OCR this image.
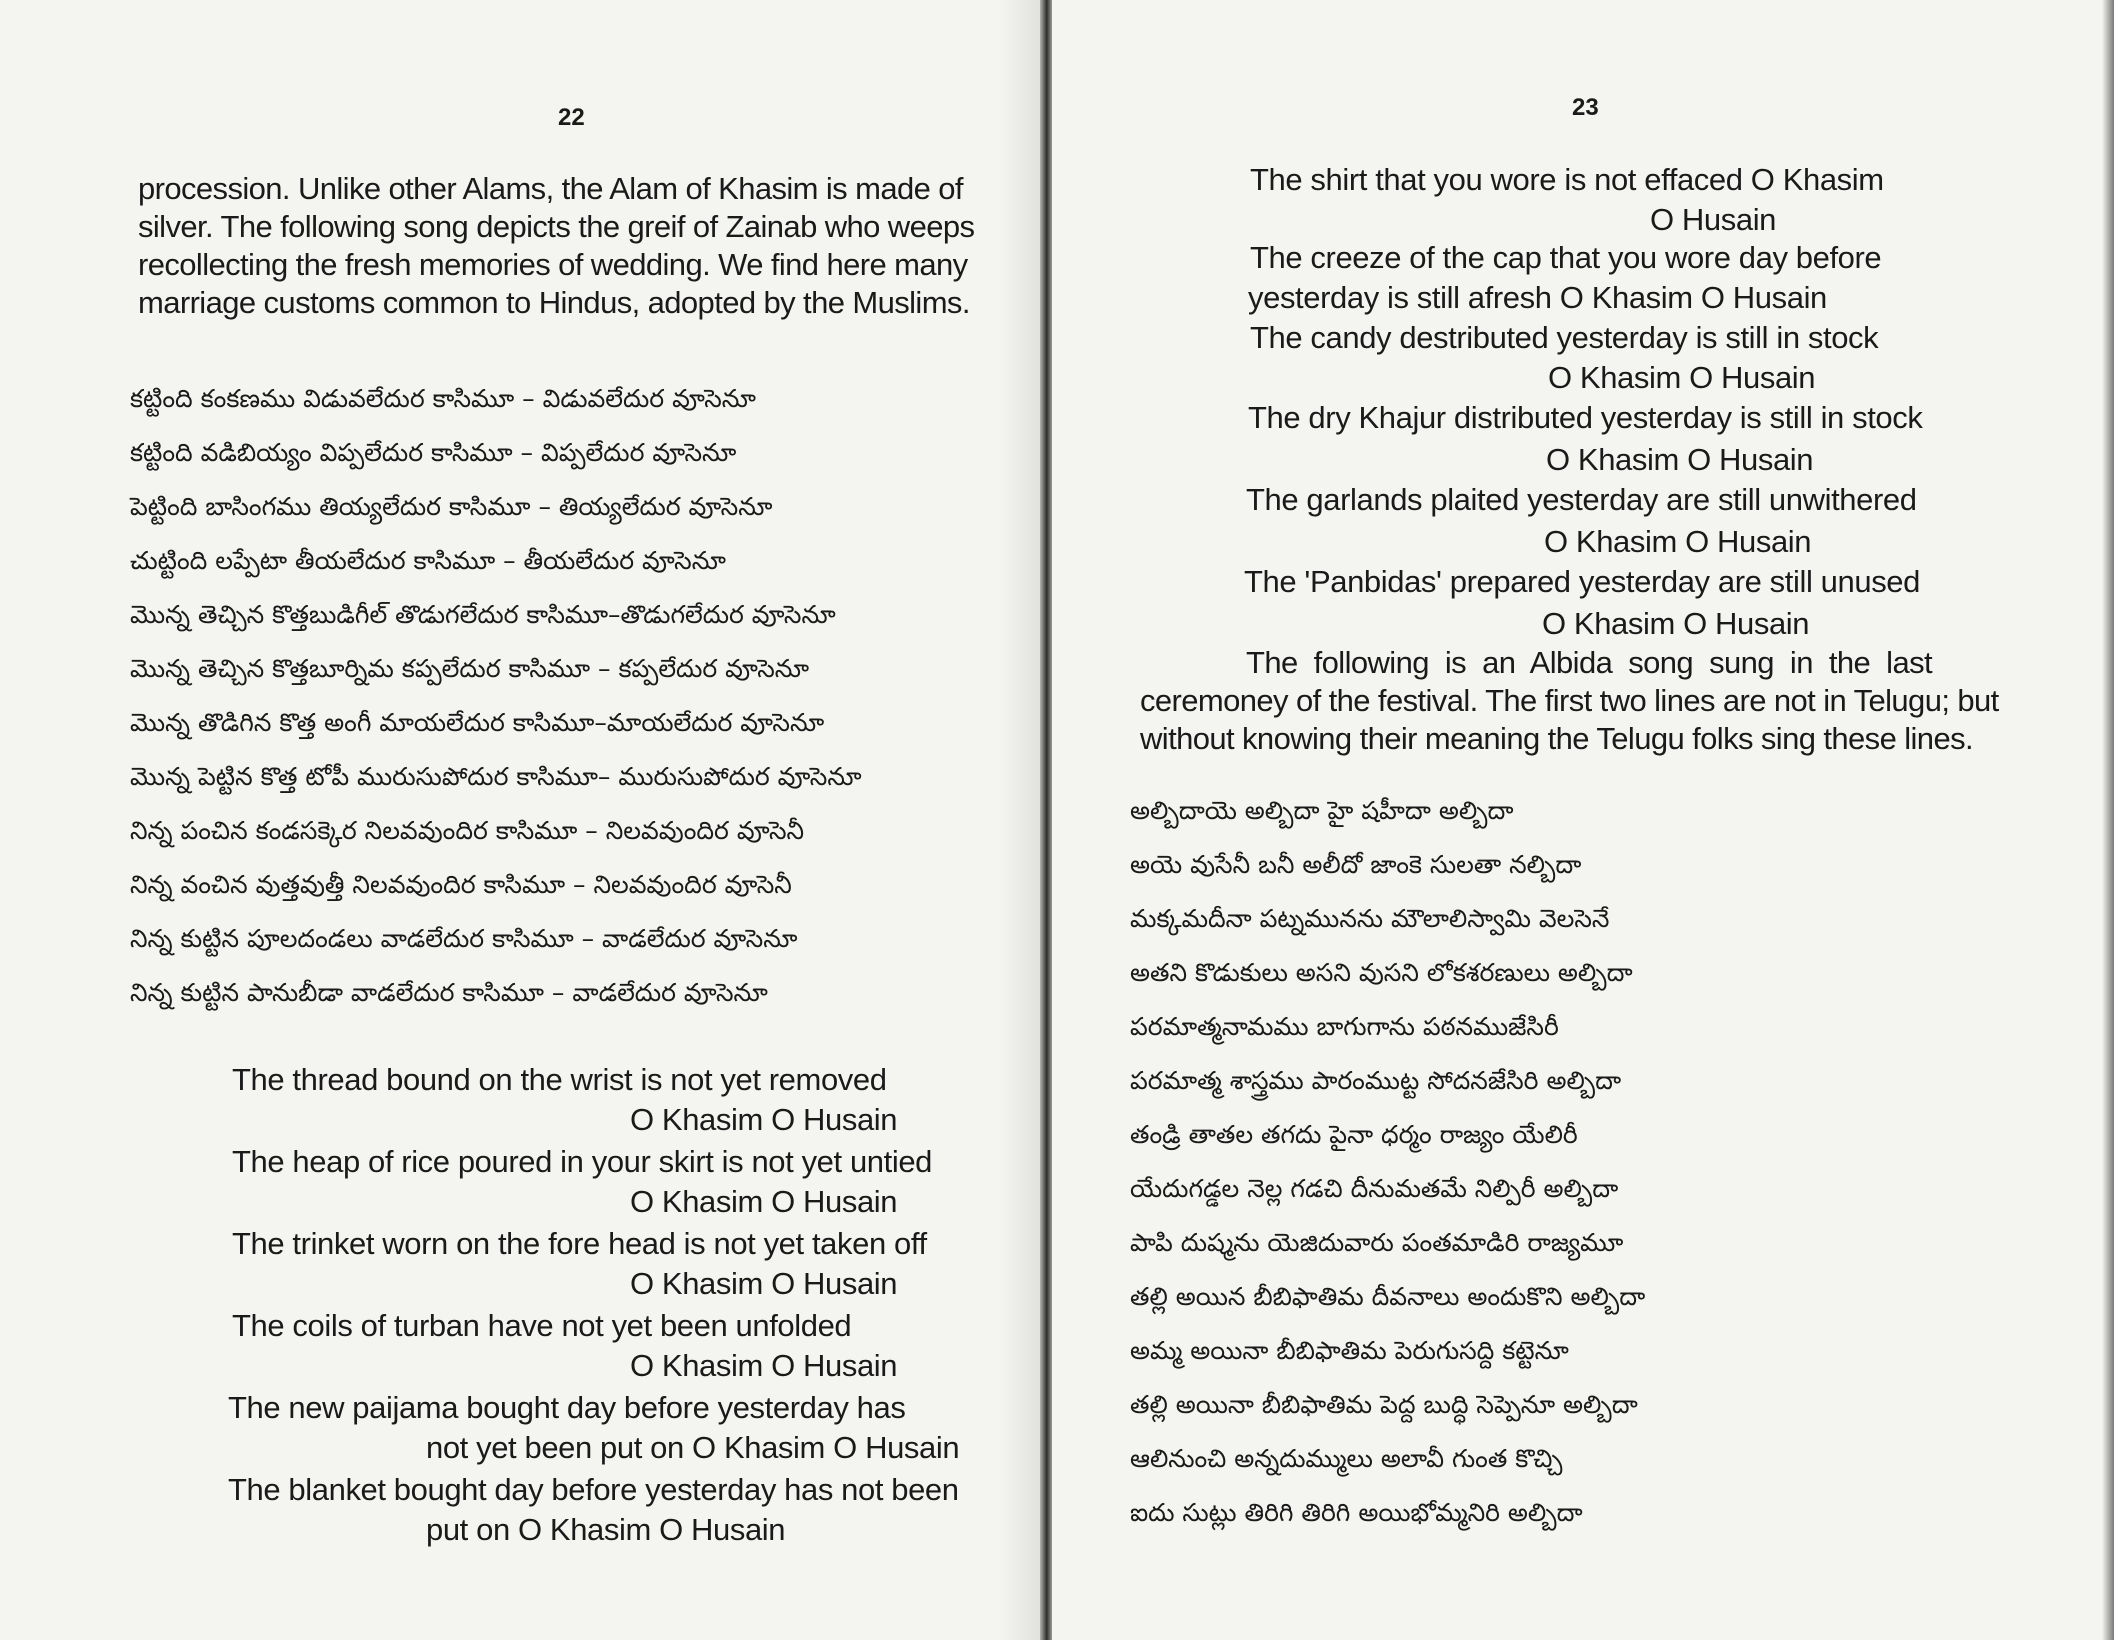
22
procession. Unlike other Alams, the Alam of Khasim is made of
silver. The following song depicts the greif of Zainab who weeps
recollecting the fresh memories of wedding. We find here many
marriage customs common to Hindus, adopted by the Muslims.
కట్టింది కంకణము విడువలేదుర కాసిమూ – విడువలేదుర వూసెనూ
కట్టింది వడిబియ్యం విప్పలేదుర కాసిమూ – విప్పలేదుర వూసెనూ
పెట్టింది బాసింగము తియ్యలేదుర కాసిమూ – తియ్యలేదుర వూసెనూ
చుట్టింది లప్పేటా తీయలేదుర కాసిమూ – తీయలేదుర వూసెనూ
మొన్న తెచ్చిన కొత్తబుడిగీల్ తొడుగలేదుర కాసిమూ–తొడుగలేదుర వూసెనూ
మొన్న తెచ్చిన కొత్తబూర్నిమ కప్పలేదుర కాసిమూ – కప్పలేదుర వూసెనూ
మొన్న తొడిగిన కొత్త అంగీ మాయలేదుర కాసిమూ–మాయలేదుర వూసెనూ
మొన్న పెట్టిన కొత్త టోపీ మురుసుపోదుర కాసిమూ– మురుసుపోదుర వూసెనూ
నిన్న పంచిన కండసక్కెర నిలవవుందిర కాసిమూ – నిలవవుందిర వూసెనీ
నిన్న వంచిన వుత్తవుత్తీ నిలవవుందిర కాసిమూ – నిలవవుందిర వూసెనీ
నిన్న కుట్టిన పూలదండలు వాడలేదుర కాసిమూ – వాడలేదుర వూసెనూ
నిన్న కుట్టిన పానుబీడా వాడలేదుర కాసిమూ – వాడలేదుర వూసెనూ
The thread bound on the wrist is not yet removed
O Khasim O Husain
The heap of rice poured in your skirt is not yet untied
O Khasim O Husain
The trinket worn on the fore head is not yet taken off
O Khasim O Husain
The coils of turban have not yet been unfolded
O Khasim O Husain
The new paijama bought day before yesterday has
not yet been put on O Khasim O Husain
The blanket bought day before yesterday has not been
put on O Khasim O Husain
23
The shirt that you wore is not effaced O Khasim
O Husain
The creeze of the cap that you wore day before
yesterday is still afresh O Khasim O Husain
The candy destributed yesterday is still in stock
O Khasim O Husain
The dry Khajur distributed yesterday is still in stock
O Khasim O Husain
The garlands plaited yesterday are still unwithered
O Khasim O Husain
The 'Panbidas' prepared yesterday are still unused
O Khasim O Husain
The following is an Albida song sung in the last
ceremoney of the festival. The first two lines are not in Telugu; but
without knowing their meaning the Telugu folks sing these lines.
అల్బిదాయె అల్బిదా హై షహీదా అల్బిదా
అయె వుసేనీ బనీ అలీదో జాంకె సులతా నల్బిదా
మక్కమదీనా పట్నమునను మౌలాలిస్వామి వెలసెనే
అతని కొడుకులు అసని వుసని లోకశరణులు అల్బిదా
పరమాత్మనామము బాగుగాను పఠనముజేసిరీ
పరమాత్మ శాస్త్రము పారంముట్ట సోదనజేసిరి అల్బిదా
తండ్రి తాతల తగదు పైనా ధర్మం రాజ్యం యేలిరీ
యేదుగడ్డల నెల్ల గడచి దీనుమతమే నిల్పిరీ అల్బిదా
పాపి దుష్మను యెజిదువారు పంతమాడిరి రాజ్యమూ
తల్లి అయిన బీబిఫాతిమ దీవనాలు అందుకొని అల్బిదా
అమ్మ అయినా బీబిఫాతిమ పెరుగుసద్ది కట్టెనూ
తల్లి అయినా బీబిఫాతిమ పెద్ద బుద్ధి సెప్పెనూ అల్బిదా
ఆలినుంచి అన్నదుమ్ములు అలావీ గుంత కొచ్చి
ఐదు సుట్లు తిరిగి తిరిగి అయిభోమ్మనిరి అల్బిదా
